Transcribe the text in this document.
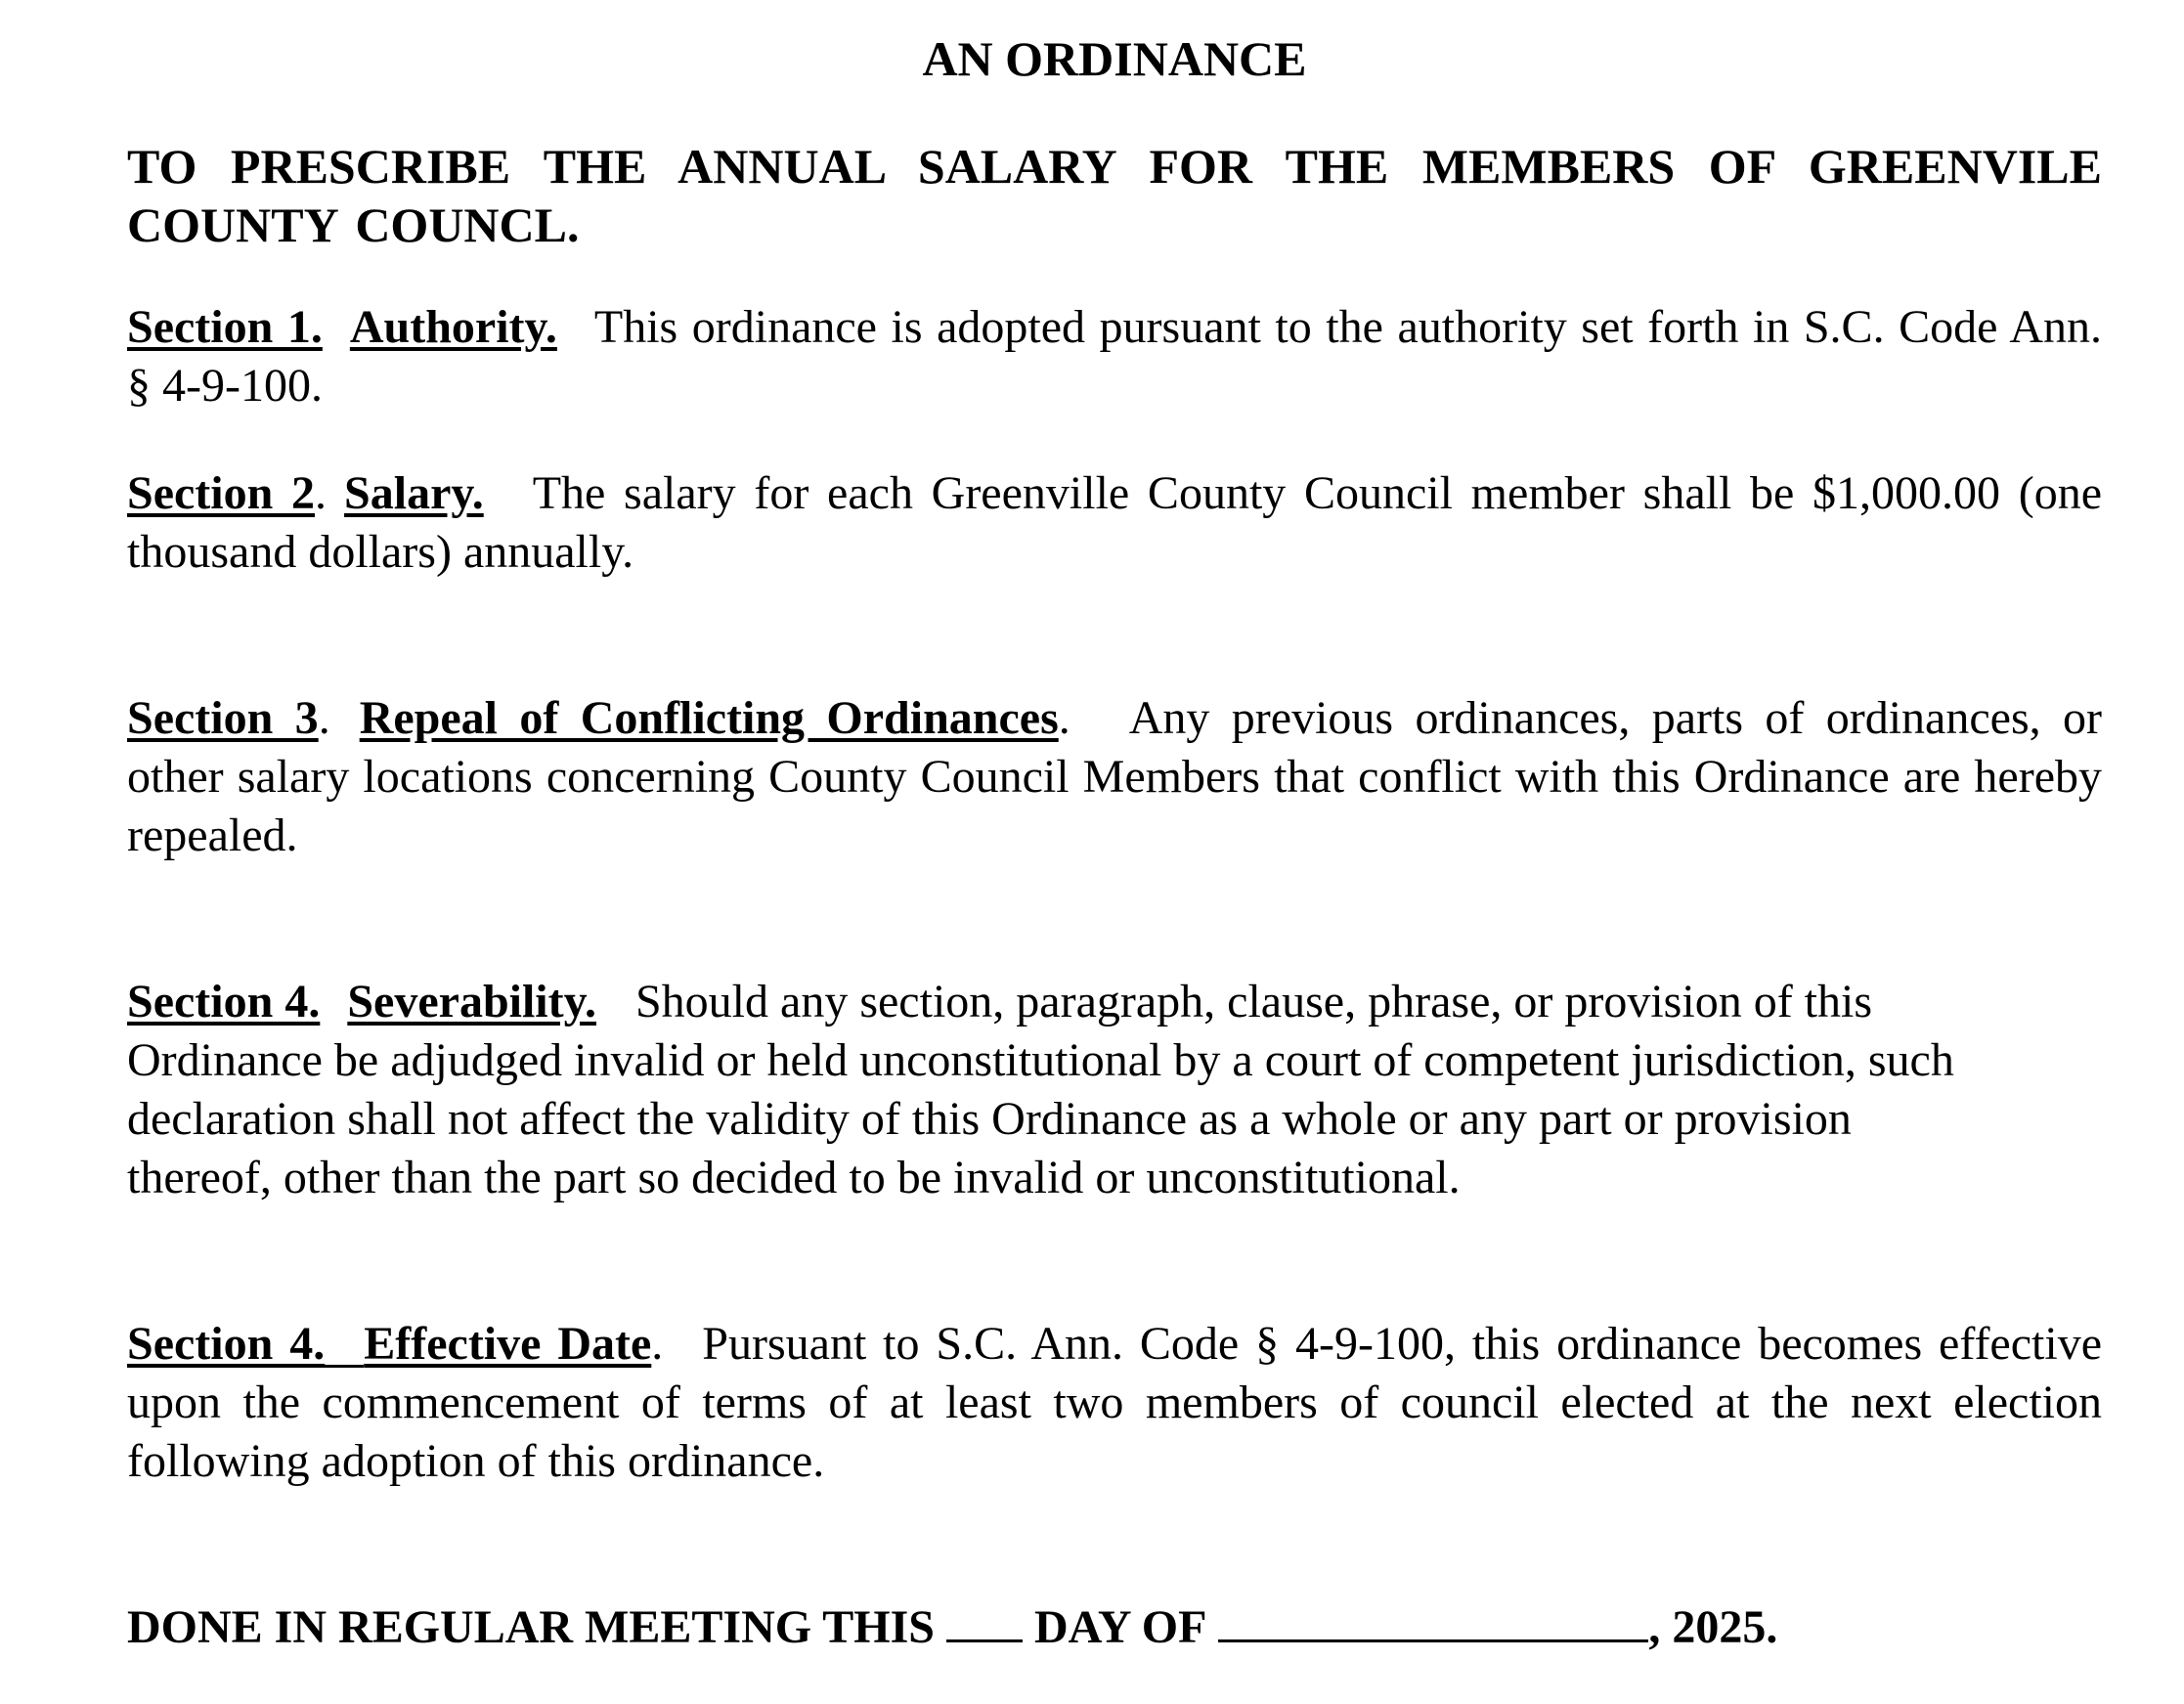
AN ORDINANCE

TO PRESCRIBE THE ANNUAL SALARY FOR THE MEMBERS OF GREENVILE COUNTY COUNCL.

Section 1. Authority. This ordinance is adopted pursuant to the authority set forth in S.C. Code Ann. § 4-9-100.

Section 2. Salary. The salary for each Greenville County Council member shall be $1,000.00 (one thousand dollars) annually.

Section 3. Repeal of Conflicting Ordinances. Any previous ordinances, parts of ordinances, or other salary locations concerning County Council Members that conflict with this Ordinance are hereby repealed.

Section 4. Severability. Should any section, paragraph, clause, phrase, or provision of this
Ordinance be adjudged invalid or held unconstitutional by a court of competent jurisdiction, such
declaration shall not affect the validity of this Ordinance as a whole or any part or provision
thereof, other than the part so decided to be invalid or unconstitutional.

Section 4. Effective Date. Pursuant to S.C. Ann. Code § 4-9-100, this ordinance becomes effective upon the commencement of terms of at least two members of council elected at the next election following adoption of this ordinance.

DONE IN REGULAR MEETING THIS DAY OF	, 2025.
